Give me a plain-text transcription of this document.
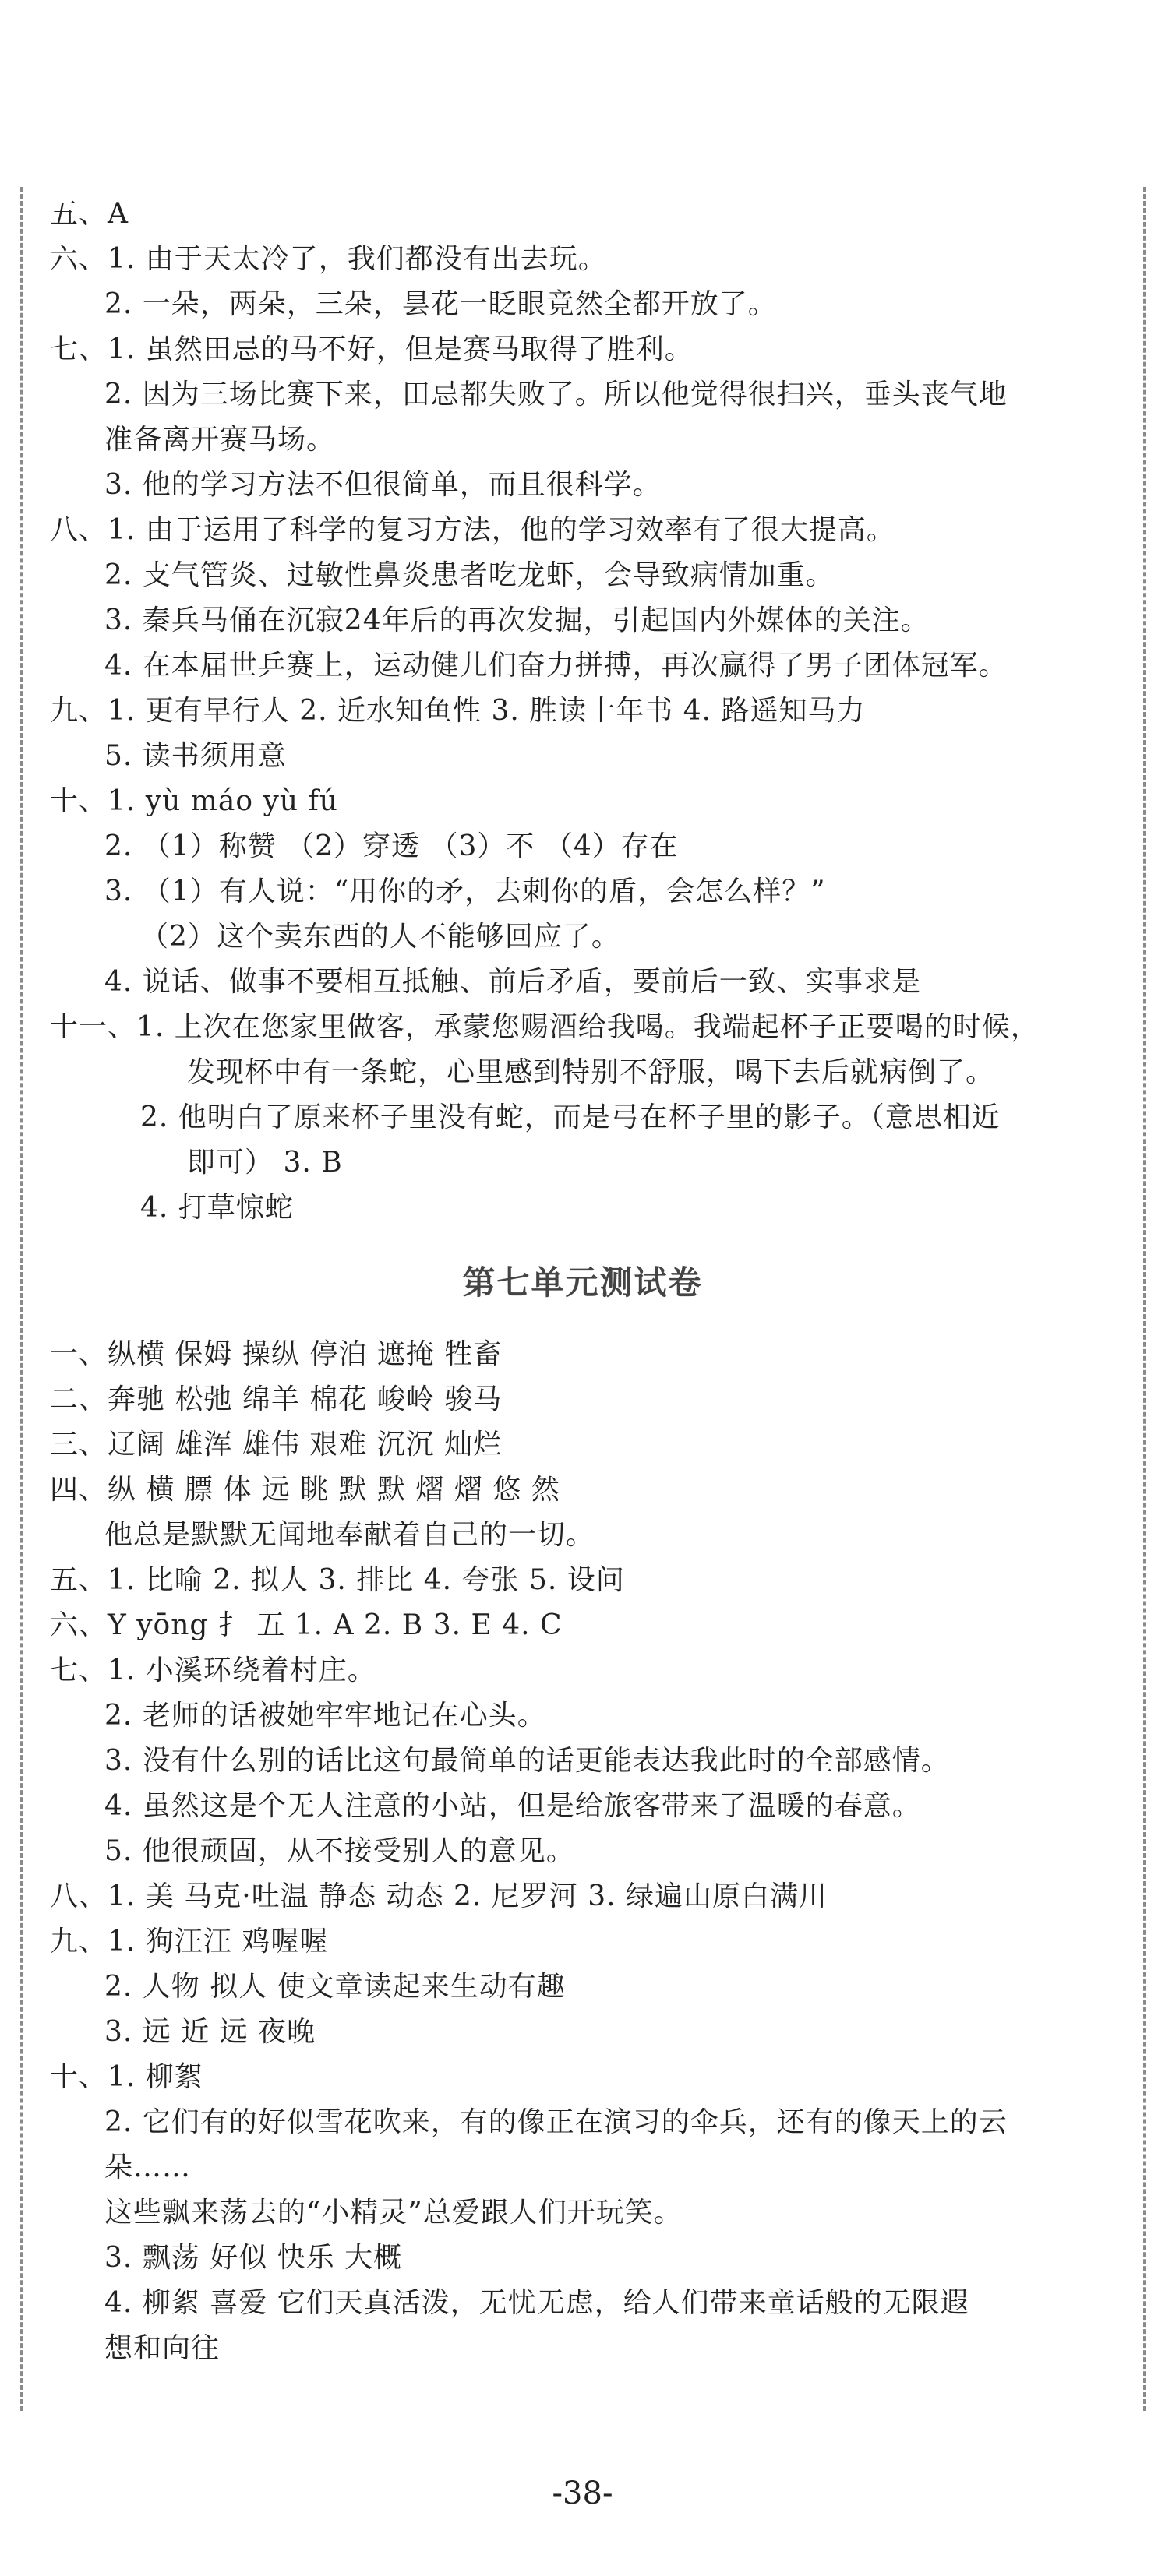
五、A
六、1. 由于天太冷了，我们都没有出去玩。
2. 一朵，两朵，三朵，昙花一眨眼竟然全都开放了。
七、1. 虽然田忌的马不好，但是赛马取得了胜利。
2. 因为三场比赛下来，田忌都失败了。所以他觉得很扫兴，垂头丧气地
准备离开赛马场。
3. 他的学习方法不但很简单，而且很科学。
八、1. 由于运用了科学的复习方法，他的学习效率有了很大提高。
2. 支气管炎、过敏性鼻炎患者吃龙虾，会导致病情加重。
3. 秦兵马俑在沉寂24年后的再次发掘，引起国内外媒体的关注。
4. 在本届世乒赛上，运动健儿们奋力拼搏，再次赢得了男子团体冠军。
九、1. 更有早行人 2. 近水知鱼性 3. 胜读十年书 4. 路遥知马力
5. 读书须用意
十、1. yù máo yù fú
2. （1）称赞 （2）穿透 （3）不 （4）存在
3. （1）有人说：“用你的矛，去刺你的盾，会怎么样？”
（2）这个卖东西的人不能够回应了。
4. 说话、做事不要相互抵触、前后矛盾，要前后一致、实事求是
十一、1. 上次在您家里做客，承蒙您赐酒给我喝。我端起杯子正要喝的时候，
发现杯中有一条蛇，心里感到特别不舒服，喝下去后就病倒了。
2. 他明白了原来杯子里没有蛇，而是弓在杯子里的影子。（意思相近
即可） 3. B
4. 打草惊蛇
第七单元测试卷
一、纵横 保姆 操纵 停泊 遮掩 牲畜
二、奔驰 松弛 绵羊 棉花 峻岭 骏马
三、辽阔 雄浑 雄伟 艰难 沉沉 灿烂
四、纵 横 膘 体 远 眺 默 默 熠 熠 悠 然
他总是默默无闻地奉献着自己的一切。
五、1. 比喻 2. 拟人 3. 排比 4. 夸张 5. 设问
六、Y yōng 扌 五 1. A 2. B 3. E 4. C
七、1. 小溪环绕着村庄。
2. 老师的话被她牢牢地记在心头。
3. 没有什么别的话比这句最简单的话更能表达我此时的全部感情。
4. 虽然这是个无人注意的小站，但是给旅客带来了温暖的春意。
5. 他很顽固，从不接受别人的意见。
八、1. 美 马克·吐温 静态 动态 2. 尼罗河 3. 绿遍山原白满川
九、1. 狗汪汪 鸡喔喔
2. 人物 拟人 使文章读起来生动有趣
3. 远 近 远 夜晚
十、1. 柳絮
2. 它们有的好似雪花吹来，有的像正在演习的伞兵，还有的像天上的云
朵……
这些飘来荡去的“小精灵”总爱跟人们开玩笑。
3. 飘荡 好似 快乐 大概
4. 柳絮 喜爱 它们天真活泼，无忧无虑，给人们带来童话般的无限遐
想和向往
-38-
